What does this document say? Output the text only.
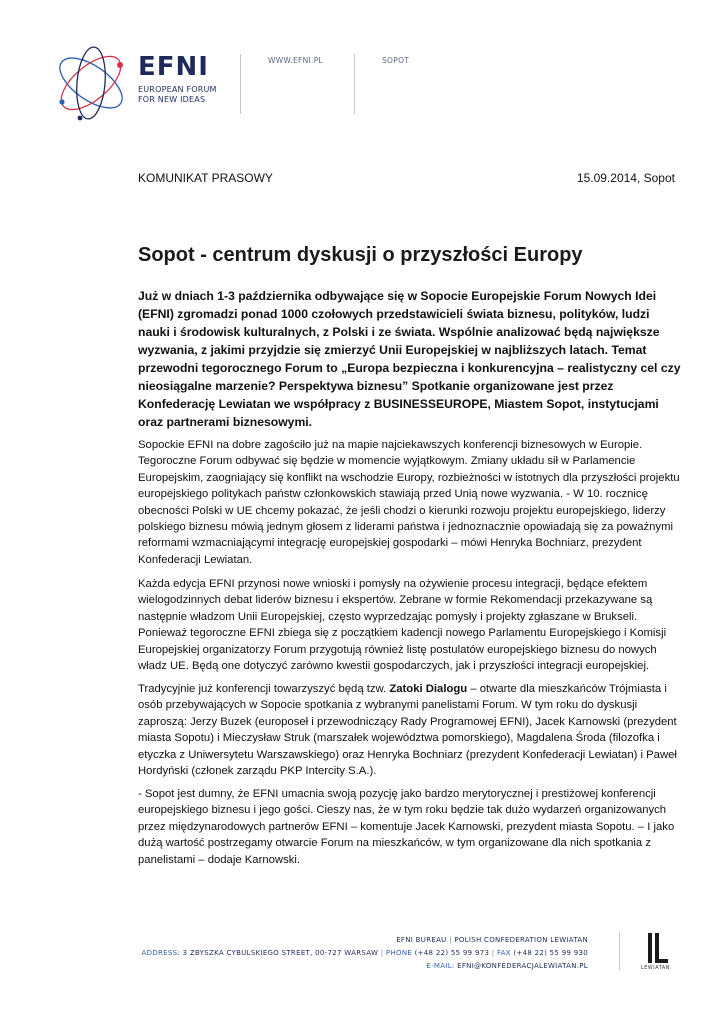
EFNI
EUROPEAN FORUM
FOR NEW IDEAS
WWW.EFNI.PL	SOPOT
KOMUNIKAT PRASOWY	15.09.2014, Sopot
Sopot - centrum dyskusji o przyszłości Europy
Już w dniach 1-3 października odbywające się w Sopocie Europejskie Forum Nowych Idei (EFNI) zgromadzi ponad 1000 czołowych przedstawicieli świata biznesu, polityków, ludzi nauki i środowisk kulturalnych, z Polski i ze świata. Wspólnie analizować będą największe wyzwania, z jakimi przyjdzie się zmierzyć Unii Europejskiej w najbliższych latach. Temat przewodni tegorocznego Forum to „Europa bezpieczna i konkurencyjna – realistyczny cel czy nieosiągalne marzenie? Perspektywa biznesu” Spotkanie organizowane jest przez Konfederację Lewiatan we współpracy z BUSINESSEUROPE, Miastem Sopot, instytucjami oraz partnerami biznesowymi.
Sopockie EFNI na dobre zagościło już na mapie najciekawszych konferencji biznesowych w Europie. Tegoroczne Forum odbywać się będzie w momencie wyjątkowym. Zmiany układu sił w Parlamencie Europejskim, zaogniający się konflikt na wschodzie Europy, rozbieżności w istotnych dla przyszłości projektu europejskiego politykach państw członkowskich stawiają przed Unią nowe wyzwania. - W 10. rocznicę obecności Polski w UE chcemy pokazać, że jeśli chodzi o kierunki rozwoju projektu europejskiego, liderzy polskiego biznesu mówią jednym głosem z liderami państwa i jednoznacznie opowiadają się za poważnymi reformami wzmacniającymi integrację europejskiej gospodarki – mówi Henryka Bochniarz, prezydent Konfederacji Lewiatan.
Każda edycja EFNI przynosi nowe wnioski i pomysły na ożywienie procesu integracji, będące efektem wielogodzinnych debat liderów biznesu i ekspertów. Zebrane w formie Rekomendacji przekazywane są następnie władzom Unii Europejskiej, często wyprzedzając pomysły i projekty zgłaszane w Brukseli. Ponieważ tegoroczne EFNI zbiega się z początkiem kadencji nowego Parlamentu Europejskiego i Komisji Europejskiej organizatorzy Forum przygotują również listę postulatów europejskiego biznesu do nowych władz UE. Będą one dotyczyć zarówno kwestii gospodarczych, jak i przyszłości integracji europejskiej.
Tradycyjnie już konferencji towarzyszyć będą tzw. Zatoki Dialogu – otwarte dla mieszkańców Trójmiasta i osób przebywających w Sopocie spotkania z wybranymi panelistami Forum. W tym roku do dyskusji zaproszą: Jerzy Buzek (europoseł i przewodniczący Rady Programowej EFNI), Jacek Karnowski (prezydent miasta Sopotu) i Mieczysław Struk (marszałek województwa pomorskiego), Magdalena Środa (filozofka i etyczka z Uniwersytetu Warszawskiego) oraz Henryka Bochniarz (prezydent Konfederacji Lewiatan) i Paweł Hordyński (członek zarządu PKP Intercity S.A.).
- Sopot jest dumny, że EFNI umacnia swoją pozycję jako bardzo merytorycznej i prestiżowej konferencji europejskiego biznesu i jego gości. Cieszy nas, że w tym roku będzie tak dużo wydarzeń organizowanych przez międzynarodowych partnerów EFNI – komentuje Jacek Karnowski, prezydent miasta Sopotu. – I jako dużą wartość postrzegamy otwarcie Forum na mieszkańców, w tym organizowane dla nich spotkania z panelistami – dodaje Karnowski.
EFNI BUREAU | POLISH CONFEDERATION LEWIATAN
ADDRESS: 3 ZBYSZKA CYBULSKIEGO STREET, 00-727 WARSAW | PHONE (+48 22) 55 99 973 | FAX (+48 22) 55 99 930
E-MAIL: EFNI@KONFEDERACJALEWIATAN.PL	LEWIATAN
